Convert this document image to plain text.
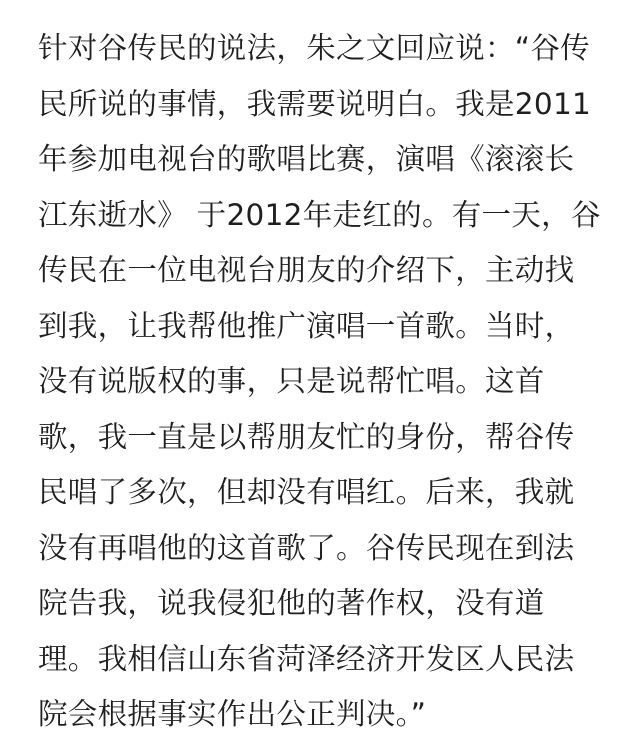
针对谷传民的说法，朱之文回应说：“谷传
民所说的事情，我需要说明白。我是2011
年参加电视台的歌唱比赛，演唱《滚滚长
江东逝水》 于2012年走红的。有一天，谷
传民在一位电视台朋友的介绍下，主动找
到我，让我帮他推广演唱一首歌。当时，
没有说版权的事，只是说帮忙唱。这首
歌，我一直是以帮朋友忙的身份，帮谷传
民唱了多次，但却没有唱红。后来，我就
没有再唱他的这首歌了。谷传民现在到法
院告我，说我侵犯他的著作权，没有道
理。我相信山东省菏泽经济开发区人民法
院会根据事实作出公正判决。”
